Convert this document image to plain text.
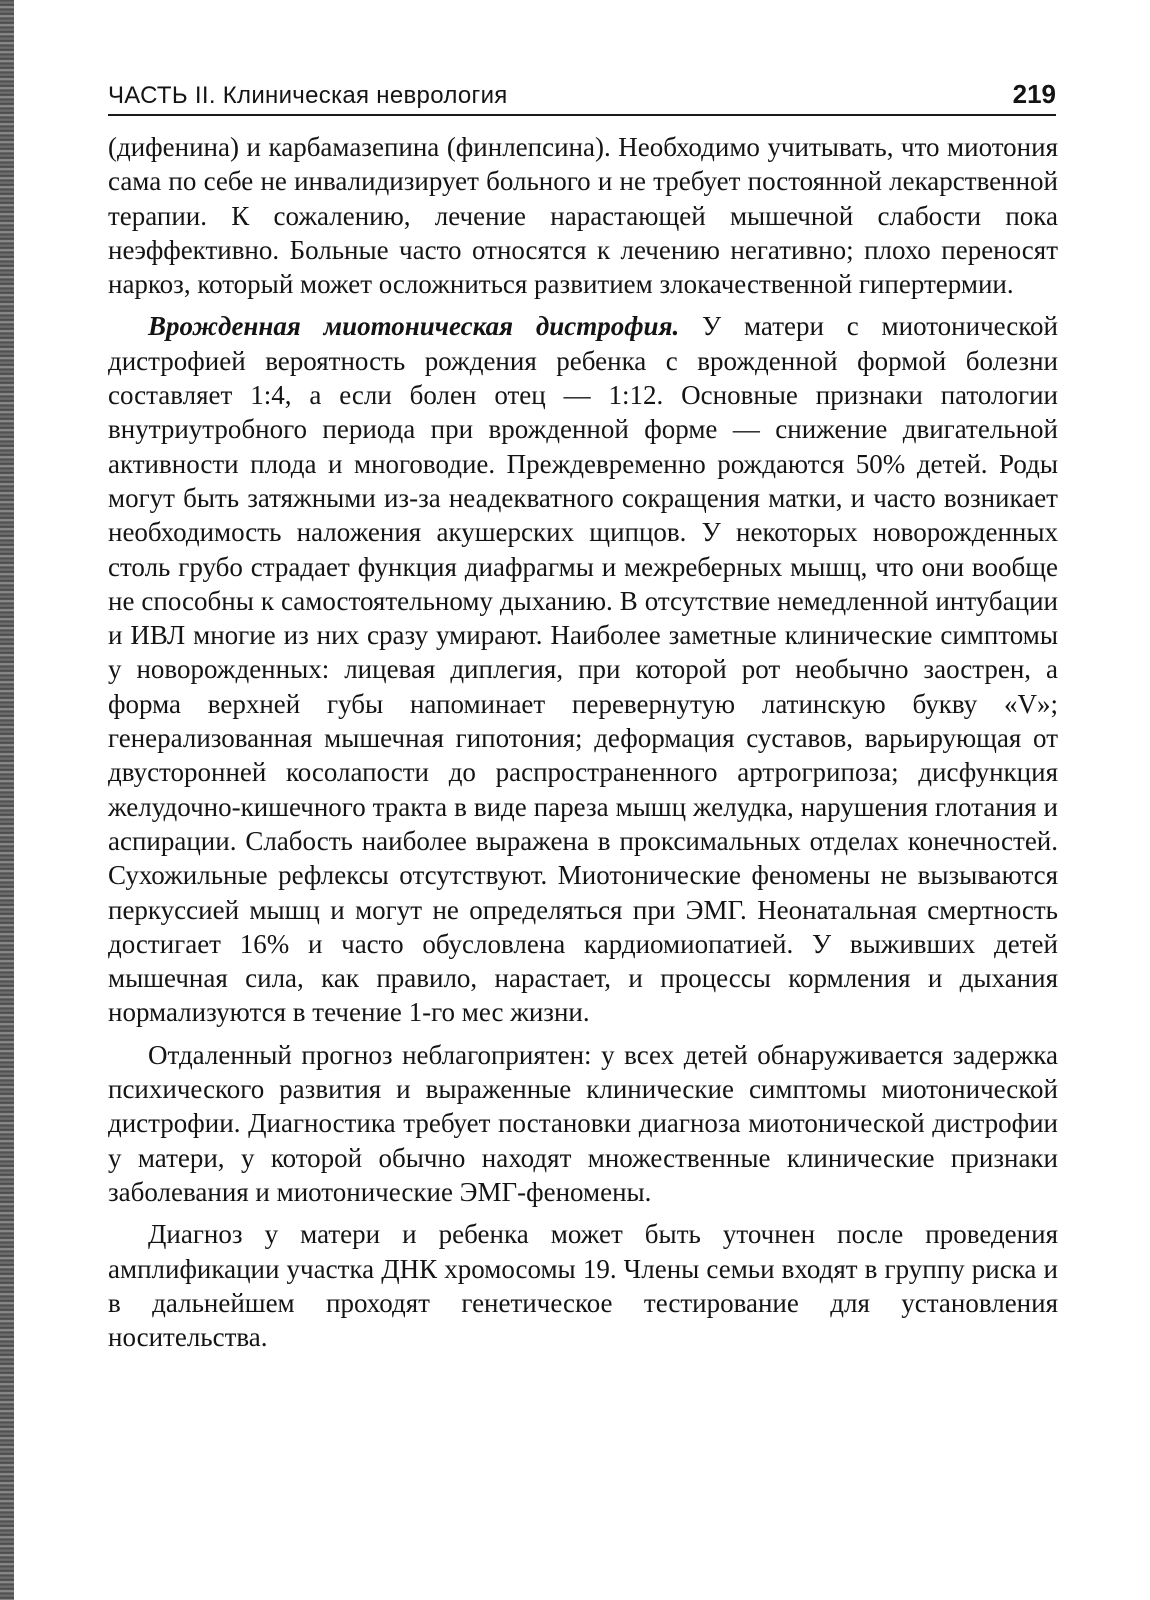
ЧАСТЬ II. Клиническая неврология	219

(дифенина) и карбамазепина (финлепсина). Необходимо учитывать, что миотония сама по себе не инвалидизирует больного и не требует постоянной лекарственной терапии. К сожалению, лечение нарастающей мышечной слабости пока неэффективно. Больные часто относятся к лечению негативно; плохо переносят наркоз, который может осложниться развитием злокачественной гипертермии.

Врожденная миотоническая дистрофия. У матери с миотонической дистрофией вероятность рождения ребенка с врожденной формой болезни составляет 1:4, а если болен отец — 1:12. Основные признаки патологии внутриутробного периода при врожденной форме — снижение двигательной активности плода и многоводие. Преждевременно рождаются 50% детей. Роды могут быть затяжными из-за неадекватного сокращения матки, и часто возникает необходимость наложения акушерских щипцов. У некоторых новорожденных столь грубо страдает функция диафрагмы и межреберных мышц, что они вообще не способны к самостоятельному дыханию. В отсутствие немедленной интубации и ИВЛ многие из них сразу умирают. Наиболее заметные клинические симптомы у новорожденных: лицевая диплегия, при которой рот необычно заострен, а форма верхней губы напоминает перевернутую латинскую букву «V»; генерализованная мышечная гипотония; деформация суставов, варьирующая от двусторонней косолапости до распространенного артрогрипоза; дисфункция желудочно-кишечного тракта в виде пареза мышц желудка, нарушения глотания и аспирации. Слабость наиболее выражена в проксимальных отделах конечностей. Сухожильные рефлексы отсутствуют. Миотонические феномены не вызываются перкуссией мышц и могут не определяться при ЭМГ. Неонатальная смертность достигает 16% и часто обусловлена кардиомиопатией. У выживших детей мышечная сила, как правило, нарастает, и процессы кормления и дыхания нормализуются в течение 1-го мес жизни.

Отдаленный прогноз неблагоприятен: у всех детей обнаруживается задержка психического развития и выраженные клинические симптомы миотонической дистрофии. Диагностика требует постановки диагноза миотонической дистрофии у матери, у которой обычно находят множественные клинические признаки заболевания и миотонические ЭМГ-феномены.

Диагноз у матери и ребенка может быть уточнен после проведения амплификации участка ДНК хромосомы 19. Члены семьи входят в группу риска и в дальнейшем проходят генетическое тестирование для установления носительства.
